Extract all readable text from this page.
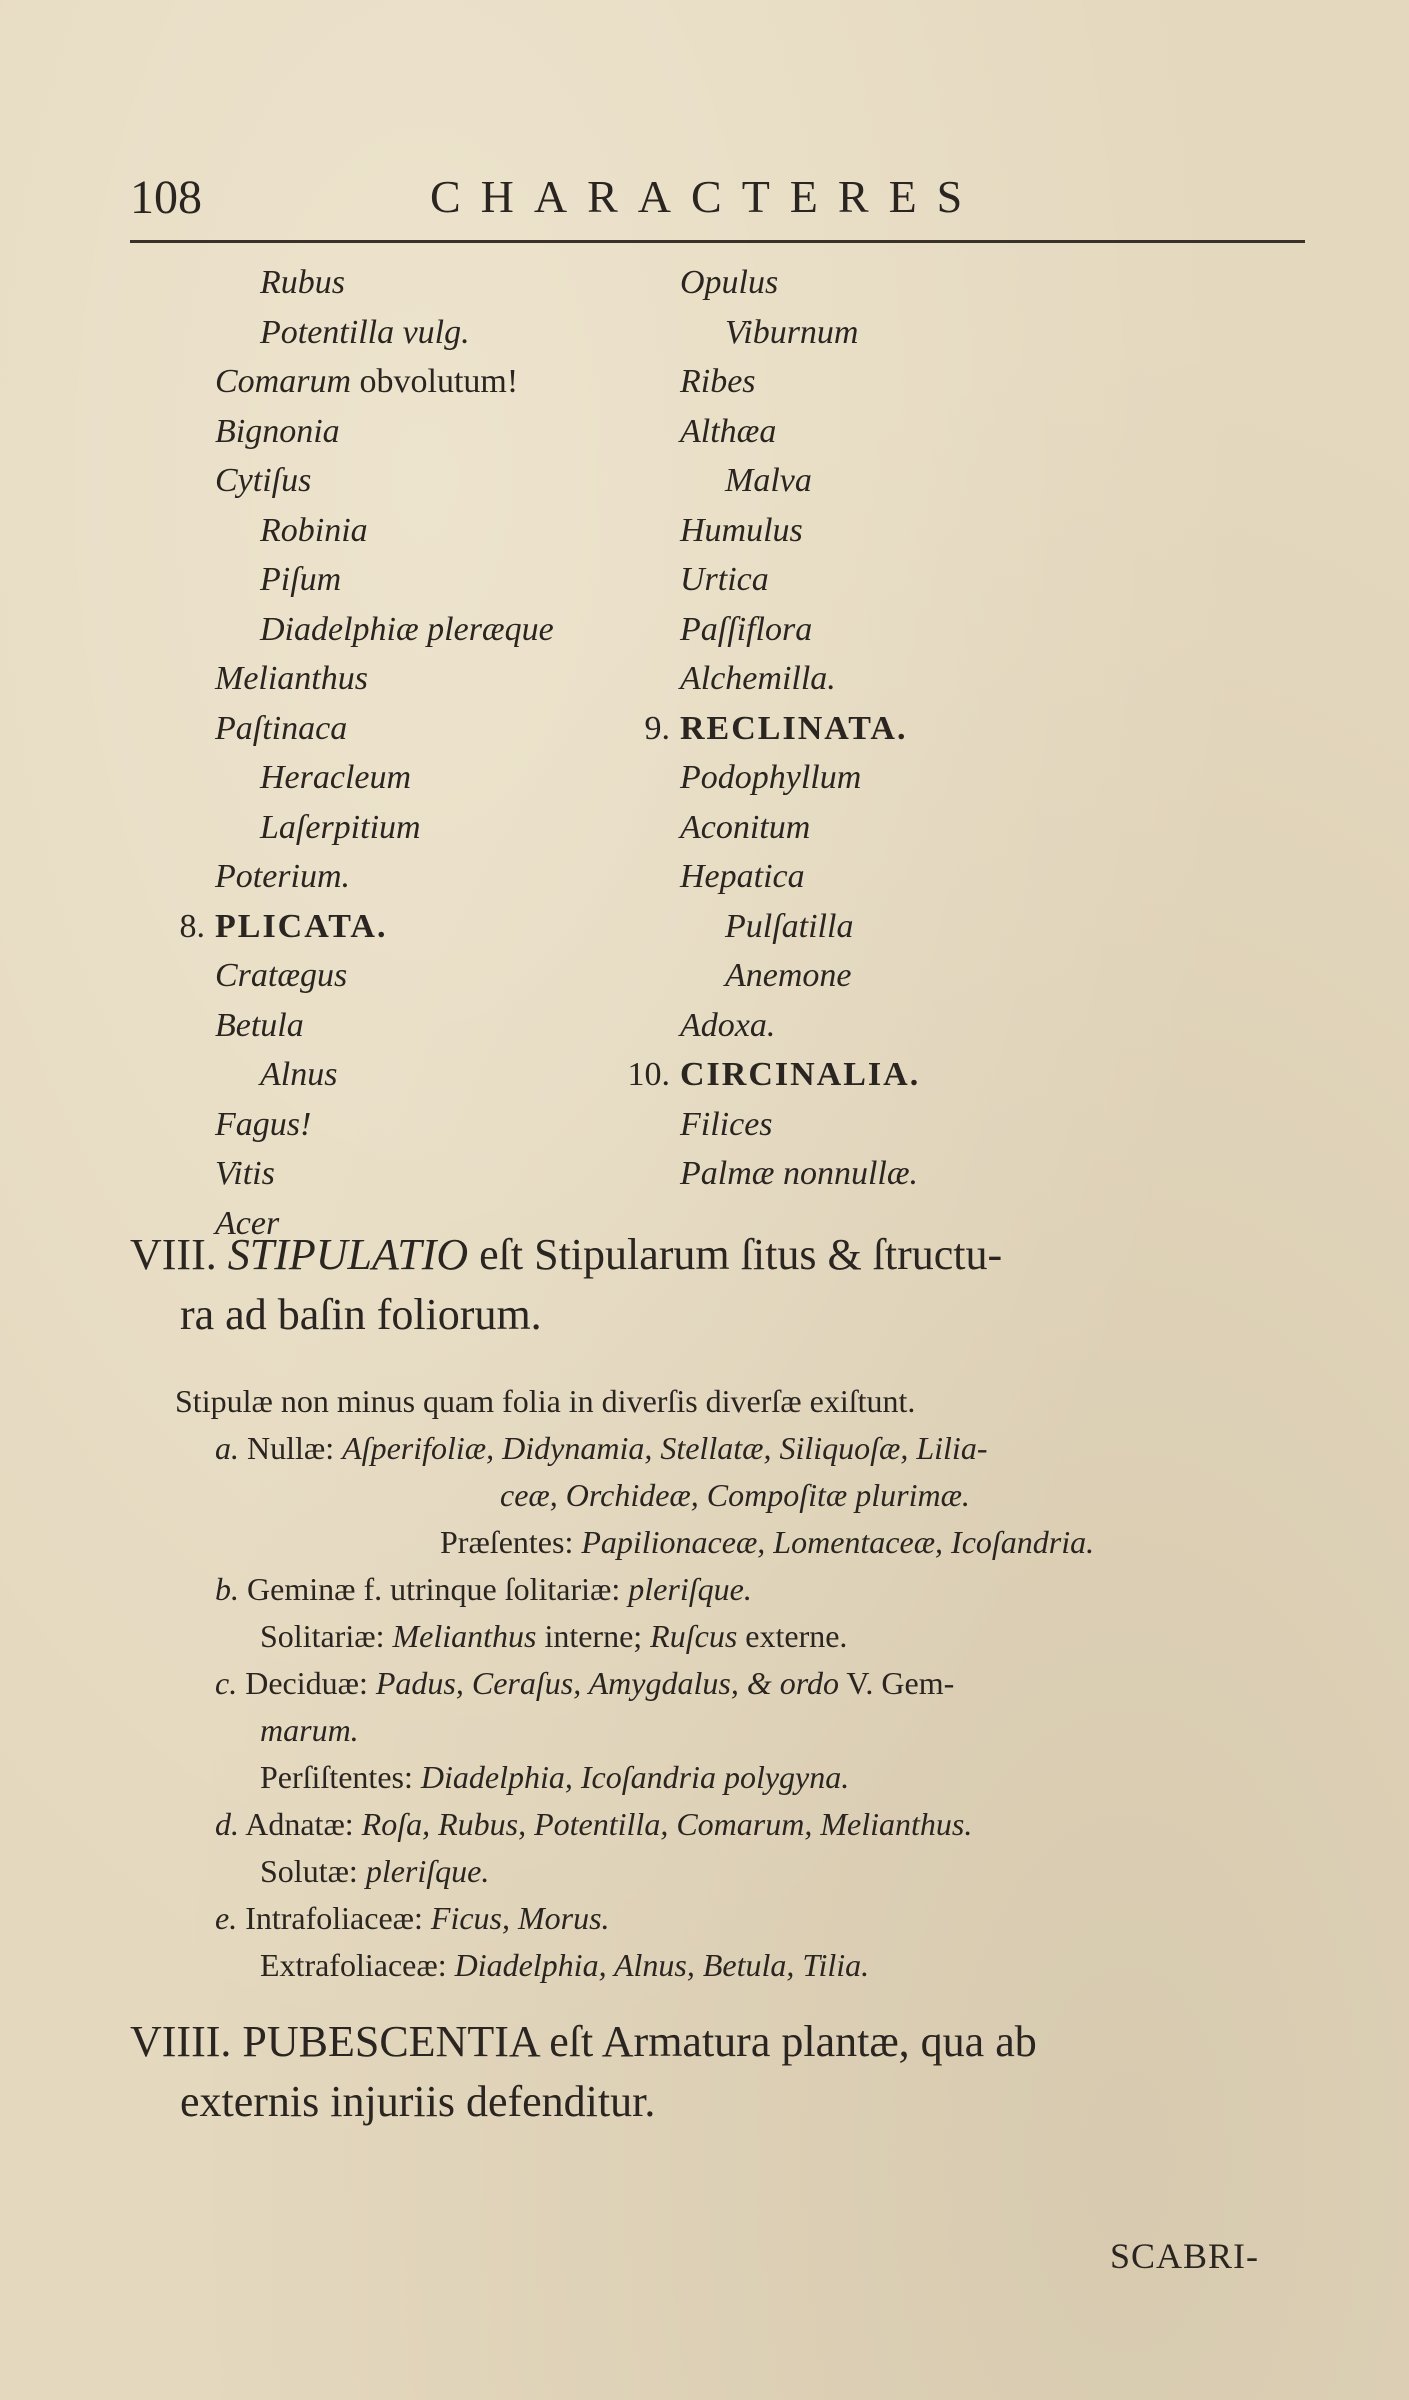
108	CHARACTERES
Rubus
Potentilla vulg.
Comarum obvolutum!
Bignonia
Cytiſus
Robinia
Piſum
Diadelphiæ pleræque
Melianthus
Paſtinaca
Heracleum
Laſerpitium
Poterium.
8. PLICATA.
Cratægus
Betula
Alnus
Fagus!
Vitis
Acer
Opulus
Viburnum
Ribes
Althæa
Malva
Humulus
Urtica
Paſſiflora
Alchemilla.
9. RECLINATA.
Podophyllum
Aconitum
Hepatica
Pulſatilla
Anemone
Adoxa.
10. CIRCINALIA.
Filices
Palmæ nonnullæ.
VIII. STIPULATIO eſt Stipularum ſitus & ſtructu-
ra ad baſin foliorum.
Stipulæ non minus quam folia in diverſis diverſæ exiſtunt.
a. Nullæ: Aſperifoliæ, Didynamia, Stellatæ, Siliquoſæ, Lilia-
ceæ, Orchideæ, Compoſitæ plurimæ.
Præſentes: Papilionaceæ, Lomentaceæ, Icoſandria.
b. Geminæ f. utrinque ſolitariæ: pleriſque.
Solitariæ: Melianthus interne; Ruſcus externe.
c. Deciduæ: Padus, Ceraſus, Amygdalus, & ordo V. Gem-
marum.
Perſiſtentes: Diadelphia, Icoſandria polygyna.
d. Adnatæ: Roſa, Rubus, Potentilla, Comarum, Melianthus.
Solutæ: pleriſque.
e. Intrafoliaceæ: Ficus, Morus.
Extrafoliaceæ: Diadelphia, Alnus, Betula, Tilia.
VIIII. PUBESCENTIA eſt Armatura plantæ, qua ab
externis injuriis defenditur.
SCABRI-
